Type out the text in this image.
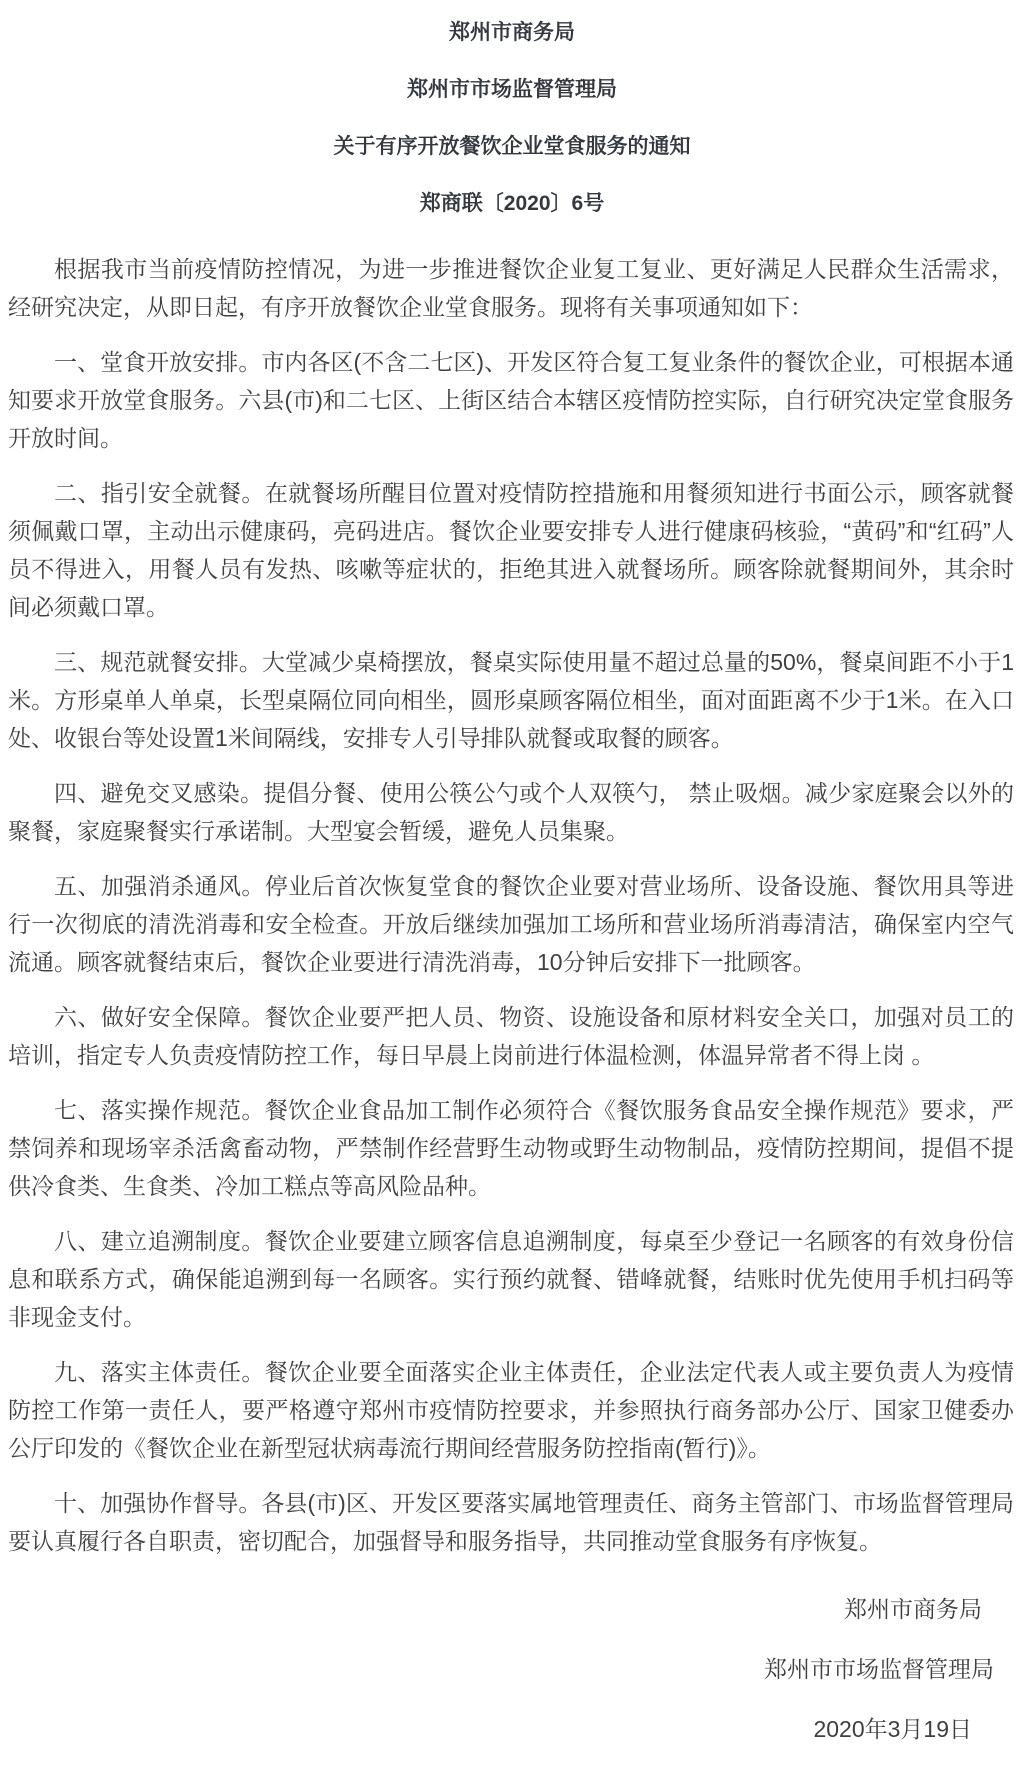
郑州市商务局
郑州市市场监督管理局
关于有序开放餐饮企业堂食服务的通知
郑商联〔2020〕6号

根据我市当前疫情防控情况，为进一步推进餐饮企业复工复业、更好满足人民群众生活需求，经研究决定，从即日起，有序开放餐饮企业堂食服务。现将有关事项通知如下：

一、堂食开放安排。市内各区(不含二七区)、开发区符合复工复业条件的餐饮企业，可根据本通知要求开放堂食服务。六县(市)和二七区、上街区结合本辖区疫情防控实际，自行研究决定堂食服务开放时间。

二、指引安全就餐。在就餐场所醒目位置对疫情防控措施和用餐须知进行书面公示，顾客就餐须佩戴口罩，主动出示健康码，亮码进店。餐饮企业要安排专人进行健康码核验，“黄码”和“红码”人员不得进入，用餐人员有发热、咳嗽等症状的，拒绝其进入就餐场所。顾客除就餐期间外，其余时间必须戴口罩。

三、规范就餐安排。大堂减少桌椅摆放，餐桌实际使用量不超过总量的50%，餐桌间距不小于1米。方形桌单人单桌，长型桌隔位同向相坐，圆形桌顾客隔位相坐，面对面距离不少于1米。在入口处、收银台等处设置1米间隔线，安排专人引导排队就餐或取餐的顾客。

四、避免交叉感染。提倡分餐、使用公筷公勺或个人双筷勺， 禁止吸烟。减少家庭聚会以外的聚餐，家庭聚餐实行承诺制。大型宴会暂缓，避免人员集聚。

五、加强消杀通风。停业后首次恢复堂食的餐饮企业要对营业场所、设备设施、餐饮用具等进行一次彻底的清洗消毒和安全检查。开放后继续加强加工场所和营业场所消毒清洁，确保室内空气流通。顾客就餐结束后，餐饮企业要进行清洗消毒，10分钟后安排下一批顾客。

六、做好安全保障。餐饮企业要严把人员、物资、设施设备和原材料安全关口，加强对员工的培训，指定专人负责疫情防控工作，每日早晨上岗前进行体温检测，体温异常者不得上岗 。

七、落实操作规范。餐饮企业食品加工制作必须符合《餐饮服务食品安全操作规范》要求，严禁饲养和现场宰杀活禽畜动物，严禁制作经营野生动物或野生动物制品，疫情防控期间，提倡不提供冷食类、生食类、冷加工糕点等高风险品种。

八、建立追溯制度。餐饮企业要建立顾客信息追溯制度，每桌至少登记一名顾客的有效身份信息和联系方式，确保能追溯到每一名顾客。实行预约就餐、错峰就餐，结账时优先使用手机扫码等非现金支付。

九、落实主体责任。餐饮企业要全面落实企业主体责任，企业法定代表人或主要负责人为疫情防控工作第一责任人，要严格遵守郑州市疫情防控要求，并参照执行商务部办公厅、国家卫健委办公厅印发的《餐饮企业在新型冠状病毒流行期间经营服务防控指南(暂行)》。

十、加强协作督导。各县(市)区、开发区要落实属地管理责任、商务主管部门、市场监督管理局要认真履行各自职责，密切配合，加强督导和服务指导，共同推动堂食服务有序恢复。

郑州市商务局
郑州市市场监督管理局
2020年3月19日
